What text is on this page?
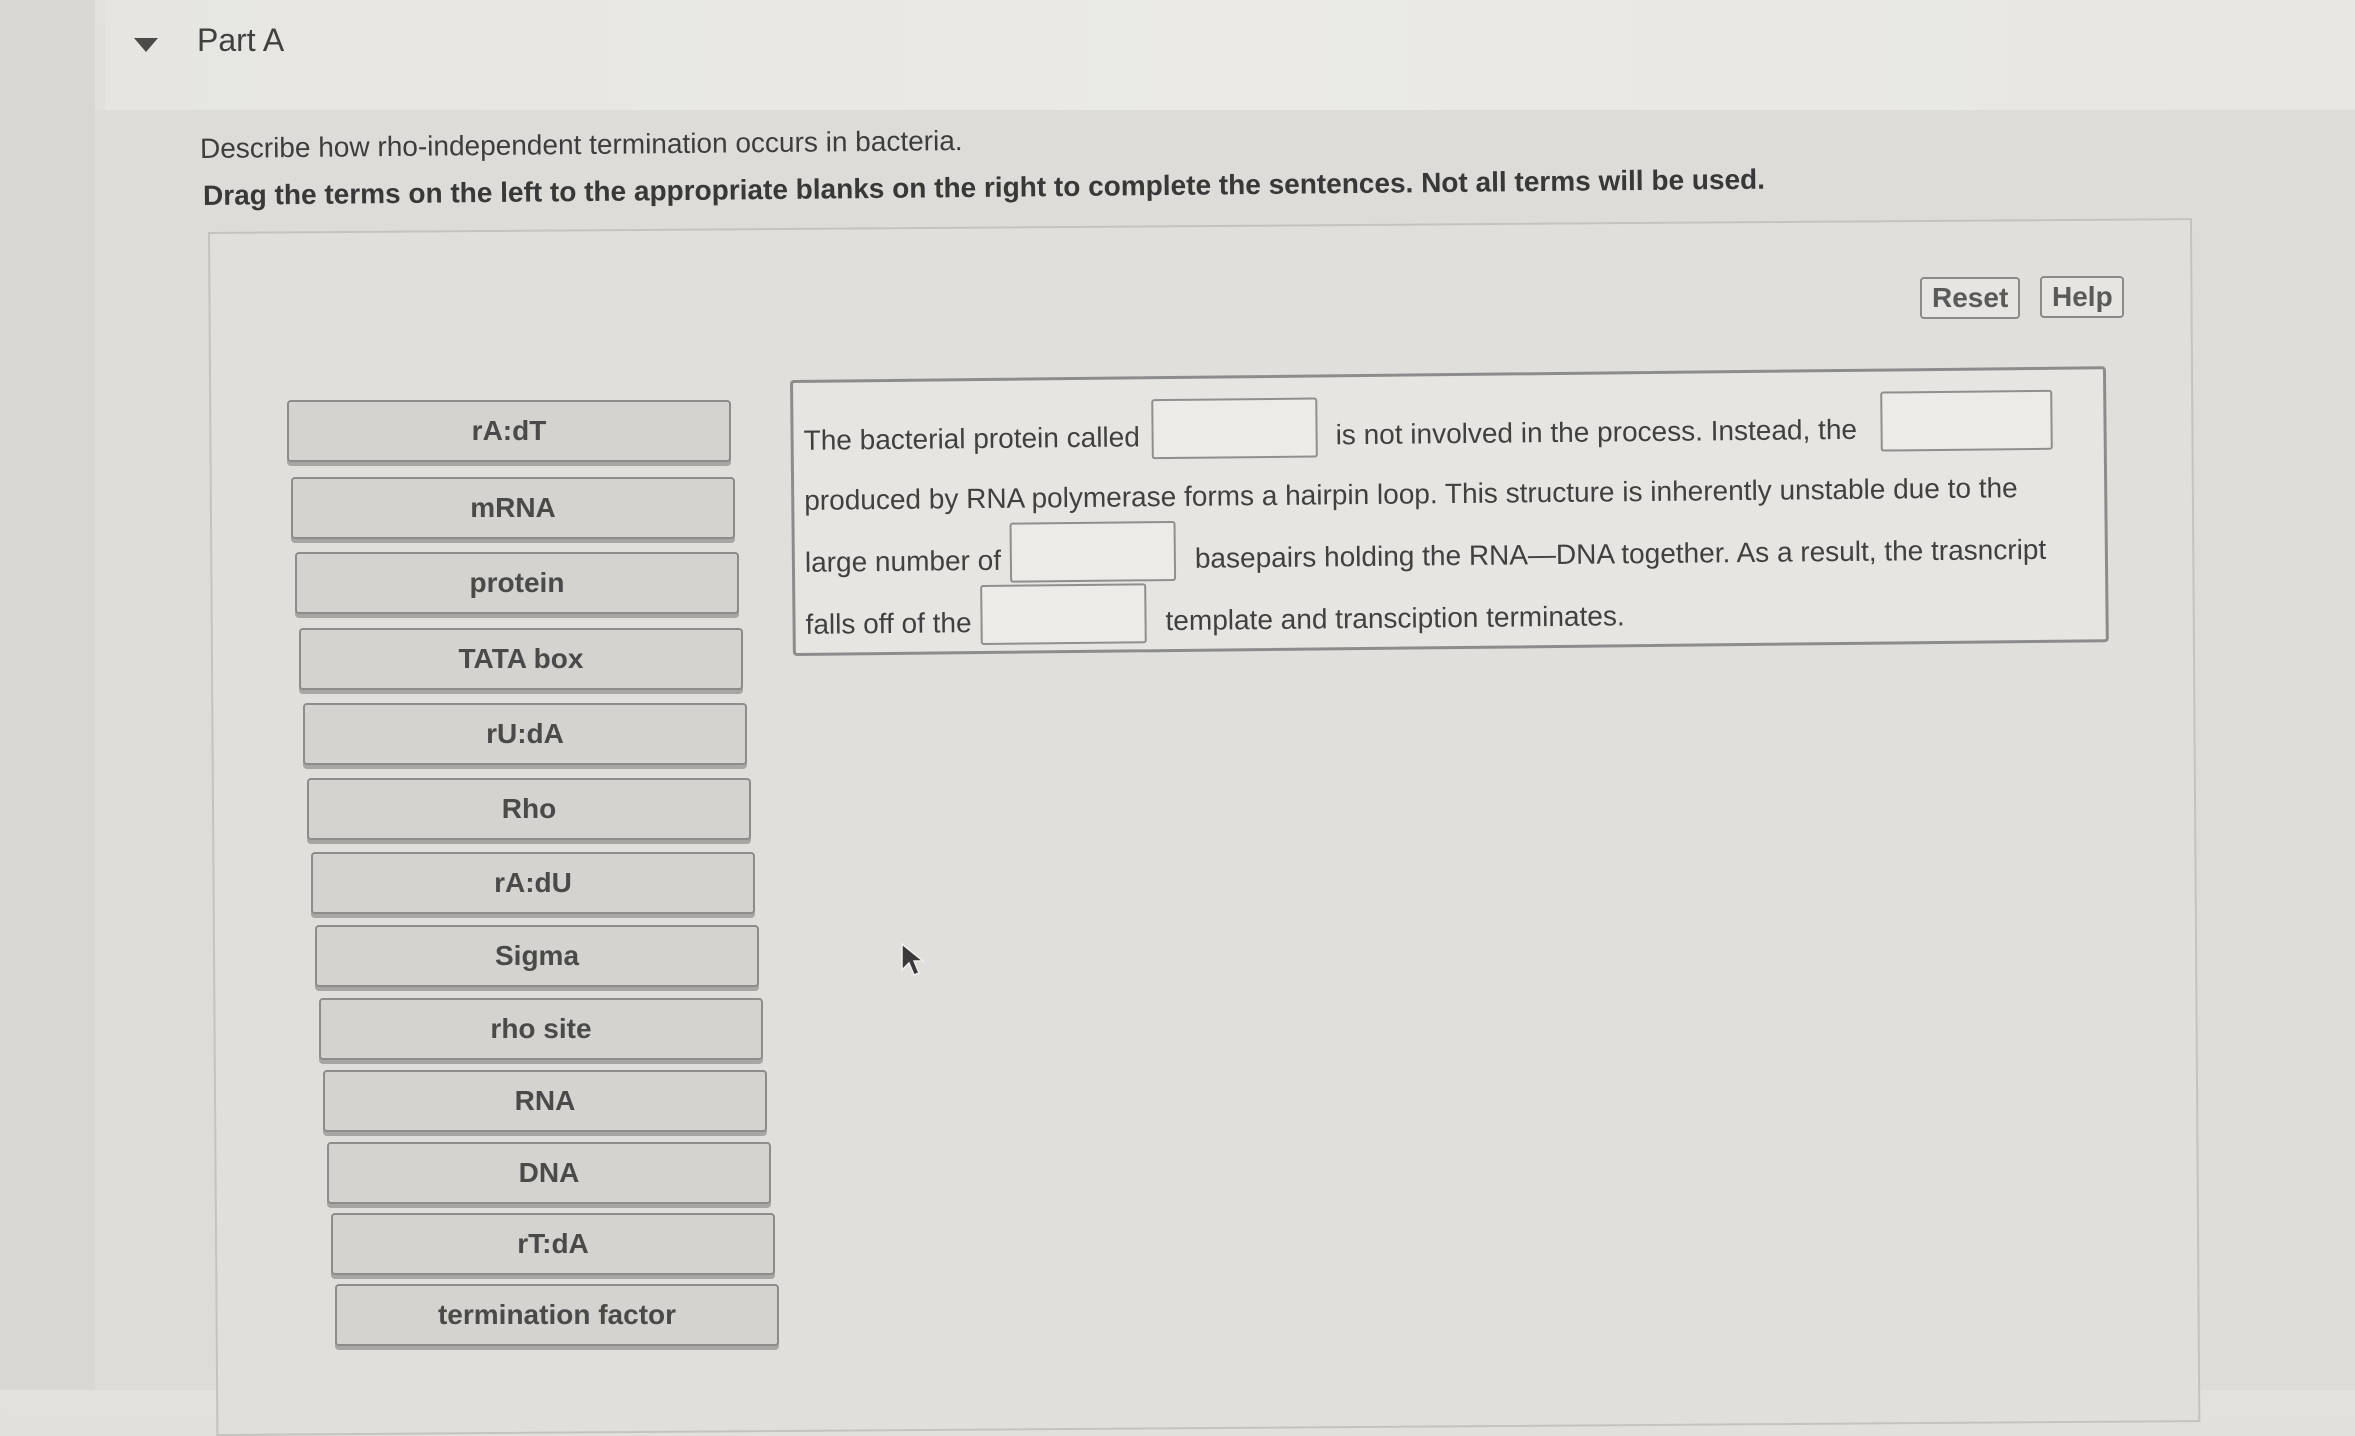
Part A
Describe how rho-independent termination occurs in bacteria.
Drag the terms on the left to the appropriate blanks on the right to complete the sentences. Not all terms will be used.
Reset	Help
rA:dT
mRNA
protein
TATA box
rU:dA
Rho
rA:dU
Sigma
rho site
RNA
DNA
rT:dA
termination factor
The bacterial protein called	is not involved in the process. Instead, the
produced by RNA polymerase forms a hairpin loop. This structure is inherently unstable due to the
large number of	basepairs holding the RNA—DNA together. As a result, the trasncript
falls off of the	template and transciption terminates.
